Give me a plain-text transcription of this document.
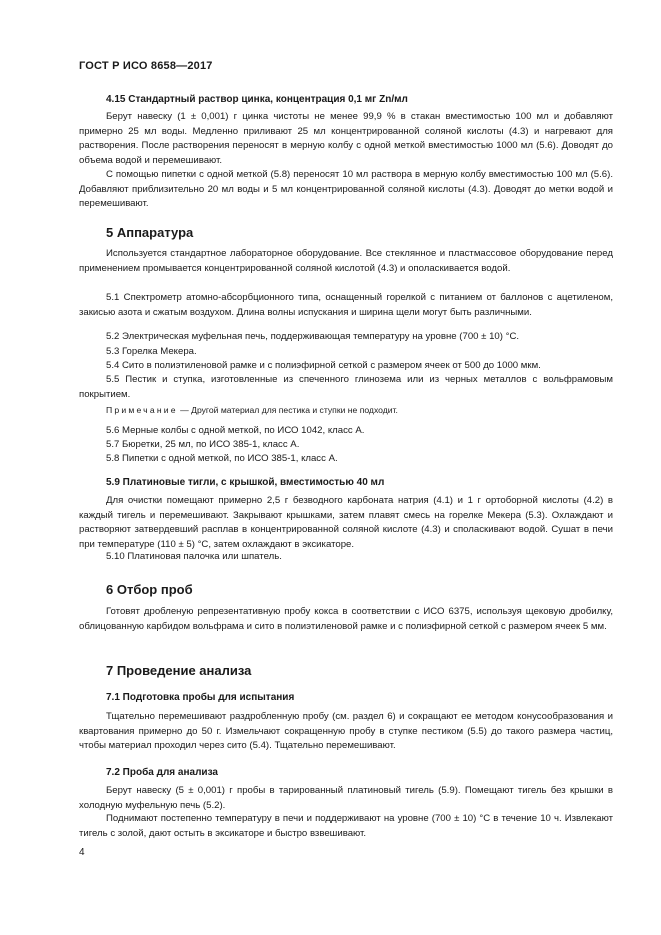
ГОСТ Р ИСО 8658—2017
4.15 Стандартный раствор цинка, концентрация 0,1 мг Zn/мл

Берут навеску (1 ± 0,001) г цинка чистоты не менее 99,9 % в стакан вместимостью 100 мл и добавляют примерно 25 мл воды. Медленно приливают 25 мл концентрированной соляной кислоты (4.3) и нагревают для растворения. После растворения переносят в мерную колбу с одной меткой вместимостью 1000 мл (5.6). Доводят до объема водой и перемешивают.

С помощью пипетки с одной меткой (5.8) переносят 10 мл раствора в мерную колбу вместимостью 100 мл (5.6). Добавляют приблизительно 20 мл воды и 5 мл концентрированной соляной кислоты (4.3). Доводят до метки водой и перемешивают.

5 Аппаратура

Используется стандартное лабораторное оборудование. Все стеклянное и пластмассовое оборудование перед применением промывается концентрированной соляной кислотой (4.3) и ополаскивается водой.

5.1 Спектрометр атомно-абсорбционного типа, оснащенный горелкой с питанием от баллонов с ацетиленом, закисью азота и сжатым воздухом. Длина волны испускания и ширина щели могут быть различными.

5.2 Электрическая муфельная печь, поддерживающая температуру на уровне (700 ± 10) °С.

5.3 Горелка Мекера.

5.4 Сито в полиэтиленовой рамке и с полиэфирной сеткой с размером ячеек от 500 до 1000 мкм.

5.5 Пестик и ступка, изготовленные из спеченного глинозема или из черных металлов с вольфрамовым покрытием.

Примечание — Другой материал для пестика и ступки не подходит.

5.6 Мерные колбы с одной меткой, по ИСО 1042, класс А.

5.7 Бюретки, 25 мл, по ИСО 385-1, класс А.

5.8 Пипетки с одной меткой, по ИСО 385-1, класс А.

5.9 Платиновые тигли, с крышкой, вместимостью 40 мл

Для очистки помещают примерно 2,5 г безводного карбоната натрия (4.1) и 1 г ортоборной кислоты (4.2) в каждый тигель и перемешивают. Закрывают крышками, затем плавят смесь на горелке Мекера (5.3). Охлаждают и растворяют затвердевший расплав в концентрированной соляной кислоте (4.3) и споласкивают водой. Сушат в печи при температуре (110 ± 5) °С, затем охлаждают в эксикаторе.

5.10 Платиновая палочка или шпатель.

6 Отбор проб

Готовят дробленую репрезентативную пробу кокса в соответствии с ИСО 6375, используя щековую дробилку, облицованную карбидом вольфрама и сито в полиэтиленовой рамке и с полиэфирной сеткой с размером ячеек 5 мм.

7 Проведение анализа
7.1 Подготовка пробы для испытания

Тщательно перемешивают раздробленную пробу (см. раздел 6) и сокращают ее методом конусообразования и квартования примерно до 50 г. Измельчают сокращенную пробу в ступке пестиком (5.5) до такого размера частиц, чтобы материал проходил через сито (5.4). Тщательно перемешивают.

7.2 Проба для анализа

Берут навеску (5 ± 0,001) г пробы в тарированный платиновый тигель (5.9). Помещают тигель без крышки в холодную муфельную печь (5.2).

Поднимают постепенно температуру в печи и поддерживают на уровне (700 ± 10) °С в течение 10 ч. Извлекают тигель с золой, дают остыть в эксикаторе и быстро взвешивают.

4
